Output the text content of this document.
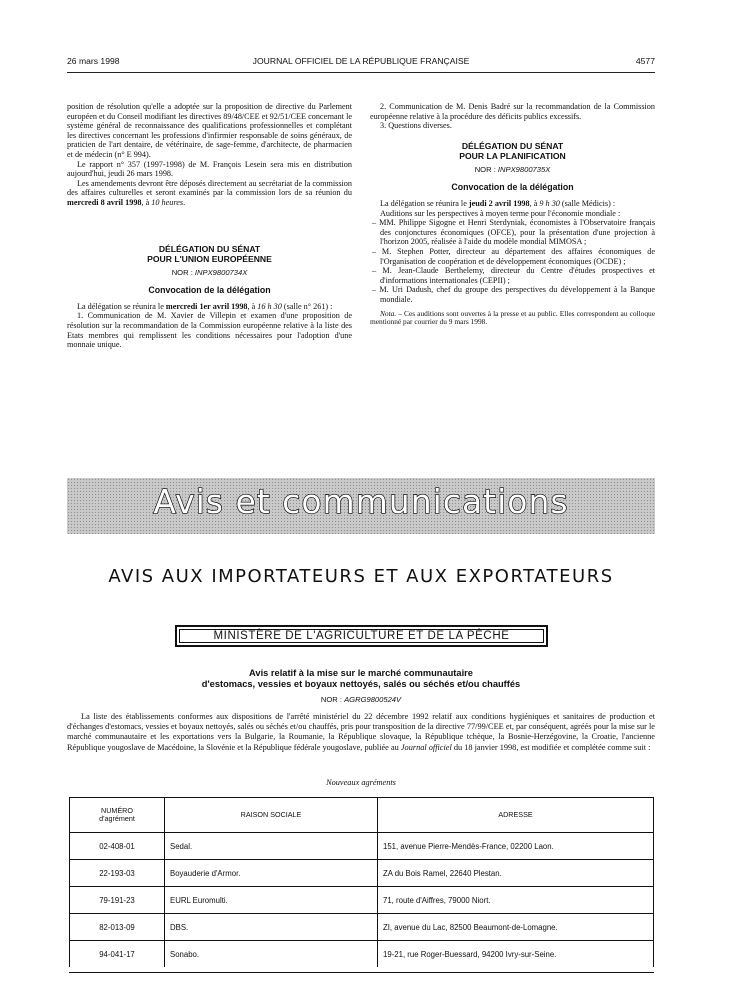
26 mars 1998	JOURNAL OFFICIEL DE LA RÉPUBLIQUE FRANÇAISE	4577

position de résolution qu'elle a adoptée sur la proposition de directive du Parlement européen et du Conseil modifiant les directives 89/48/CEE et 92/51/CEE concernant le système général de reconnaissance des qualifications professionnelles et complétant les directives concernant les professions d'infirmier responsable de soins généraux, de praticien de l'art dentaire, de vétérinaire, de sage-femme, d'architecte, de pharmacien et de médecin (n° E 994).

Le rapport n° 357 (1997-1998) de M. François Lesein sera mis en distribution aujourd'hui, jeudi 26 mars 1998.

Les amendements devront être déposés directement au secrétariat de la commission des affaires culturelles et seront examinés par la commission lors de sa réunion du mercredi 8 avril 1998, à 10 heures.

DÉLÉGATION DU SÉNAT
POUR L'UNION EUROPÉENNE
NOR : INPX9800734X
Convocation de la délégation

La délégation se réunira le mercredi 1er avril 1998, à 16 h 30 (salle n° 261) :

1. Communication de M. Xavier de Villepin et examen d'une proposition de résolution sur la recommandation de la Commission européenne relative à la liste des Etats membres qui remplissent les conditions nécessaires pour l'adoption d'une monnaie unique.

2. Communication de M. Denis Badré sur la recommandation de la Commission européenne relative à la procédure des déficits publics excessifs.

3. Questions diverses.

DÉLÉGATION DU SÉNAT
POUR LA PLANIFICATION
NOR : INPX9800735X
Convocation de la délégation

La délégation se réunira le jeudi 2 avril 1998, à 9 h 30 (salle Médicis) :

Auditions sur les perspectives à moyen terme pour l'économie mondiale :

– MM. Philippe Sigogne et Henri Sterdyniak, économistes à l'Observatoire français des conjonctures économiques (OFCE), pour la présentation d'une projection à l'horizon 2005, réalisée à l'aide du modèle mondial MIMOSA ;
– M. Stephen Potter, directeur au département des affaires économiques de l'Organisation de coopération et de développement économiques (OCDE) ;
– M. Jean-Claude Berthelemy, directeur du Centre d'études prospectives et d'informations internationales (CEPII) ;
– M. Uri Dadush, chef du groupe des perspectives du développement à la Banque mondiale.

Nota. – Ces auditions sont ouvertes à la presse et au public. Elles correspondent au colloque mentionné par courrier du 9 mars 1998.

Avis et communications
AVIS AUX IMPORTATEURS ET AUX EXPORTATEURS
MINISTÈRE DE L'AGRICULTURE ET DE LA PÊCHE
Avis relatif à la mise sur le marché communautaire
d'estomacs, vessies et boyaux nettoyés, salés ou séchés et/ou chauffés
NOR : AGRG9800524V

La liste des établissements conformes aux dispositions de l'arrêté ministériel du 22 décembre 1992 relatif aux conditions hygiéniques et sanitaires de production et d'échanges d'estomacs, vessies et boyaux nettoyés, salés ou séchés et/ou chauffés, pris pour transposition de la directive 77/99/CEE et, par conséquent, agréés pour la mise sur le marché communautaire et les exportations vers la Bulgarie, la Roumanie, la République slovaque, la République tchèque, la Bosnie-Herzégovine, la Croatie, l'ancienne République yougoslave de Macédoine, la Slovénie et la République fédérale yougoslave, publiée au Journal officiel du 18 janvier 1998, est modifiée et complétée comme suit :

Nouveaux agréments
NUMÉRO
d'agrément	RAISON SOCIALE	ADRESSE
02-408-01	Sedal.	151, avenue Pierre-Mendès-France, 02200 Laon.
22-193-03	Boyauderie d'Armor.	ZA du Bois Ramel, 22640 Plestan.
79-191-23	EURL Euromulti.	71, route d'Aiffres, 79000 Niort.
82-013-09	DBS.	ZI, avenue du Lac, 82500 Beaumont-de-Lomagne.
94-041-17	Sonabo.	19-21, rue Roger-Buessard, 94200 Ivry-sur-Seine.
